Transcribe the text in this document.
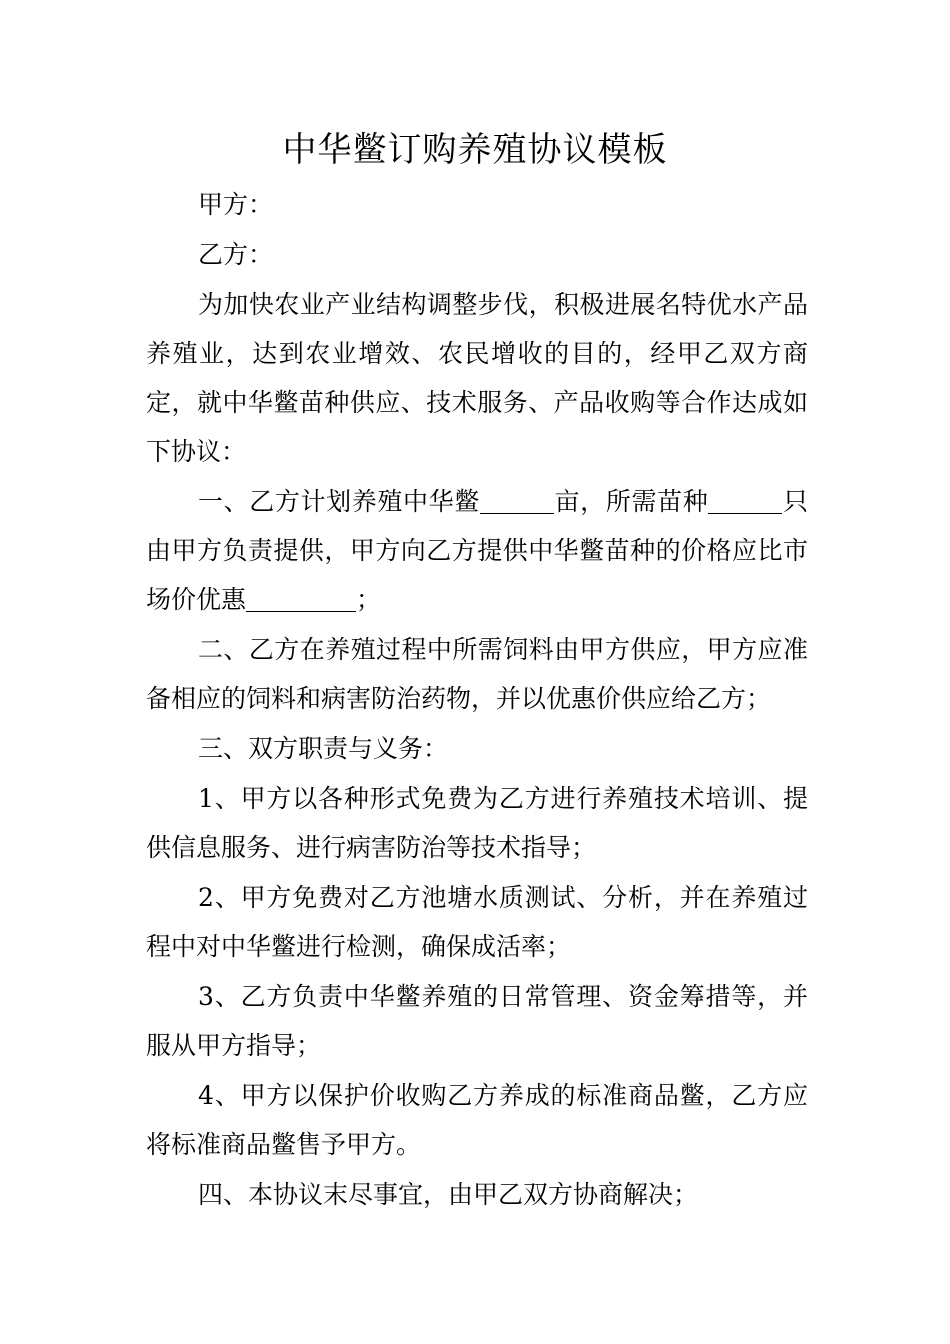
中华鳖订购养殖协议模板

甲方：

乙方：

为加快农业产业结构调整步伐，积极进展名特优水产品养殖业，达到农业增效、农民增收的目的，经甲乙双方商定，就中华鳖苗种供应、技术服务、产品收购等合作达成如下协议：

一、乙方计划养殖中华鳖	亩，所需苗种	只由甲方负责提供，甲方向乙方提供中华鳖苗种的价格应比市场价优惠	；

二、乙方在养殖过程中所需饲料由甲方供应，甲方应准备相应的饲料和病害防治药物，并以优惠价供应给乙方；

三、双方职责与义务：

1、甲方以各种形式免费为乙方进行养殖技术培训、提供信息服务、进行病害防治等技术指导；

2、甲方免费对乙方池塘水质测试、分析，并在养殖过程中对中华鳖进行检测，确保成活率；

3、乙方负责中华鳖养殖的日常管理、资金筹措等，并服从甲方指导；

4、甲方以保护价收购乙方养成的标准商品鳖，乙方应将标准商品鳖售予甲方。

四、本协议末尽事宜，由甲乙双方协商解决；
